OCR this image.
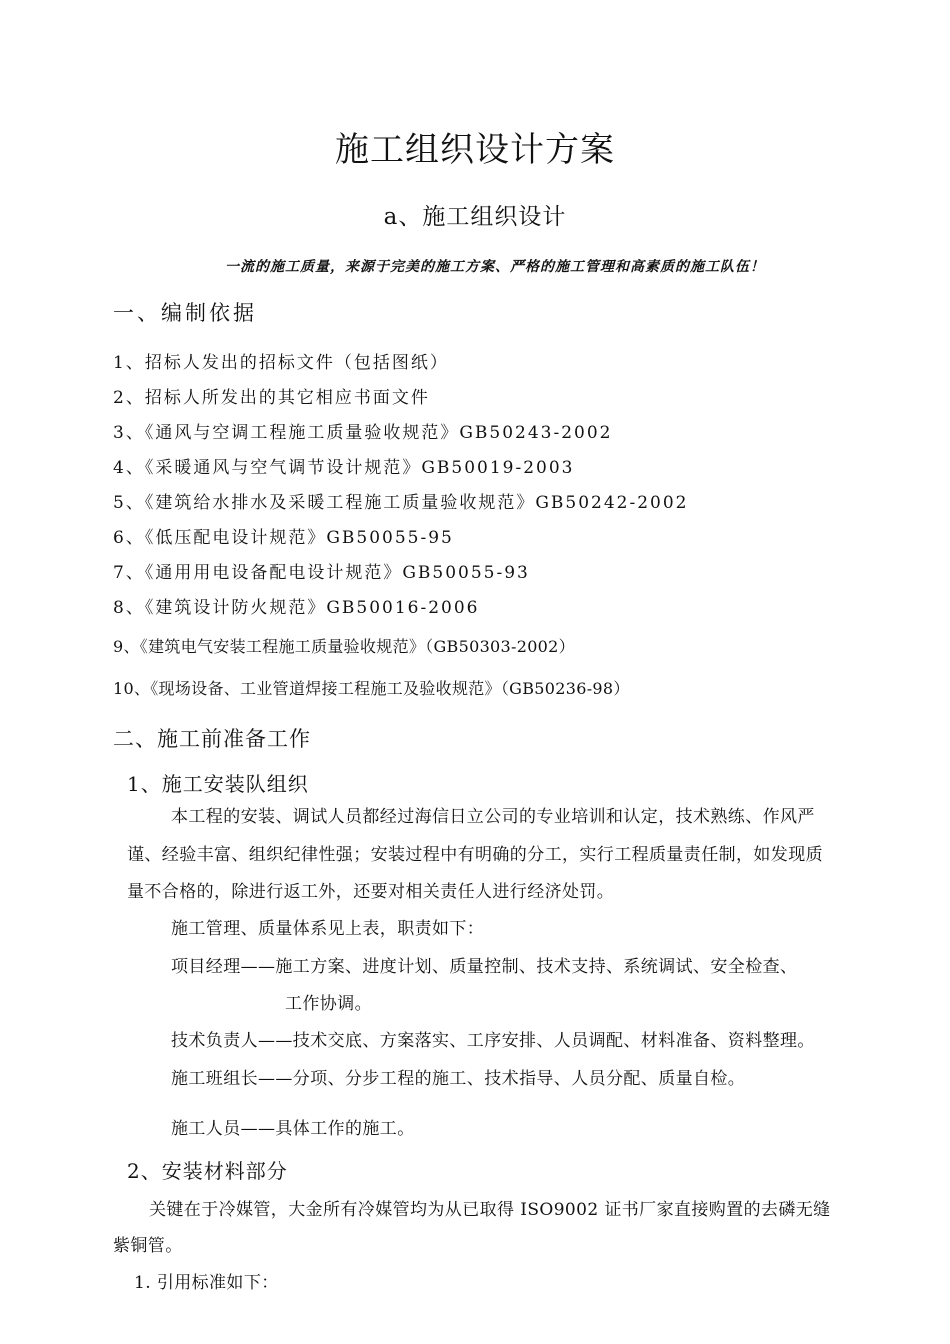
施工组织设计方案
a、施工组织设计
一流的施工质量，来源于完美的施工方案、严格的施工管理和高素质的施工队伍！
一、编制依据
1、招标人发出的招标文件（包括图纸）
2、招标人所发出的其它相应书面文件
3、《通风与空调工程施工质量验收规范》GB50243-2002
4、《采暖通风与空气调节设计规范》GB50019-2003
5、《建筑给水排水及采暖工程施工质量验收规范》GB50242-2002
6、《低压配电设计规范》GB50055-95
7、《通用用电设备配电设计规范》GB50055-93
8、《建筑设计防火规范》GB50016-2006
9、《建筑电气安装工程施工质量验收规范》（GB50303-2002）
10、《现场设备、工业管道焊接工程施工及验收规范》（GB50236-98）
二、施工前准备工作
1、施工安装队组织
本工程的安装、调试人员都经过海信日立公司的专业培训和认定，技术熟练、作风严
谨、经验丰富、组织纪律性强；安装过程中有明确的分工，实行工程质量责任制，如发现质
量不合格的，除进行返工外，还要对相关责任人进行经济处罚。
施工管理、质量体系见上表，职责如下：
项目经理——施工方案、进度计划、质量控制、技术支持、系统调试、安全检查、
工作协调。
技术负责人——技术交底、方案落实、工序安排、人员调配、材料准备、资料整理。
施工班组长——分项、分步工程的施工、技术指导、人员分配、质量自检。
施工人员——具体工作的施工。
2、安装材料部分
关键在于冷媒管，大金所有冷媒管均为从已取得 ISO9002 证书厂家直接购置的去磷无缝
紫铜管。
1. 引用标准如下：
